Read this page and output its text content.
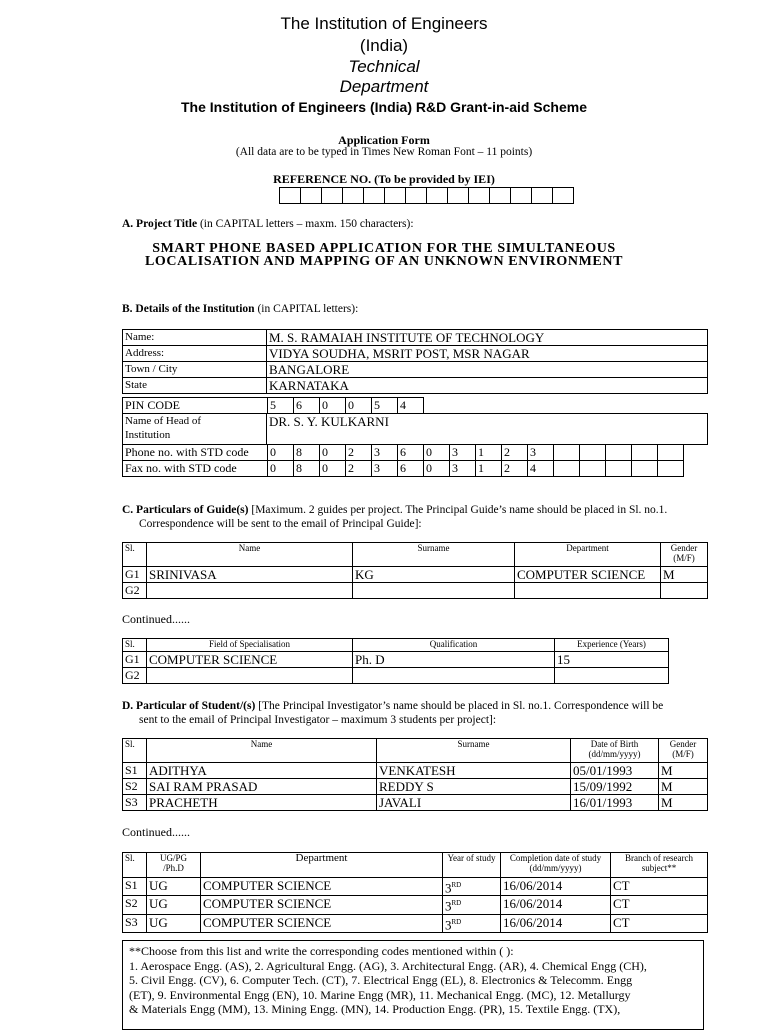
The Institution of Engineers
(India)
Technical
Department
The Institution of Engineers (India) R&D Grant-in-aid Scheme
Application Form
(All data are to be typed in Times New Roman Font – 11 points)
REFERENCE NO. (To be provided by IEI)

A. Project Title (in CAPITAL letters – maxm. 150 characters):
SMART PHONE BASED APPLICATION FOR THE SIMULTANEOUS
LOCALISATION AND MAPPING OF AN UNKNOWN ENVIRONMENT
B. Details of the Institution (in CAPITAL letters):
Name:	M. S. RAMAIAH INSTITUTE OF TECHNOLOGY
Address:	VIDYA SOUDHA, MSRIT POST, MSR NAGAR
Town / City	BANGALORE
State	KARNATAKA
PIN CODE	5	6	0	0	5	4
Name of Head of
Institution
	DR. S. Y. KULKARNI
Phone no. with STD code	0	8	0	2	3	6	0	3	1	2	3					
Fax no. with STD code	0	8	0	2	3	6	0	3	1	2	4					
C. Particulars of Guide(s) [Maximum. 2 guides per project. The Principal Guide’s name should be placed in Sl. no.1.
Correspondence will be sent to the email of Principal Guide]:
Sl.	Name	Surname	Department	Gender (M/F)
G1	SRINIVASA	KG	COMPUTER SCIENCE	M
G2				
Continued......
Sl.	Field of Specialisation	Qualification	Experience (Years)
G1	COMPUTER SCIENCE	Ph. D	15
G2			
D. Particular of Student/(s) [The Principal Investigator’s name should be placed in Sl. no.1. Correspondence will be
sent to the email of Principal Investigator – maximum 3 students per project]:
Sl.	Name	Surname	Date of Birth (dd/mm/yyyy)	Gender (M/F)
S1	ADITHYA	VENKATESH	05/01/1993	M
S2	SAI RAM PRASAD	REDDY S	15/09/1992	M
S3	PRACHETH	JAVALI	16/01/1993	M
Continued......
Sl.	UG/PG /Ph.D	Department	Year of study	Completion date of study (dd/mm/yyyy)	Branch of research subject**
S1	UG	COMPUTER SCIENCE	3RD	16/06/2014	CT
S2	UG	COMPUTER SCIENCE	3RD	16/06/2014	CT
S3	UG	COMPUTER SCIENCE	3RD	16/06/2014	CT
**Choose from this list and write the corresponding codes mentioned within ( ):
1. Aerospace Engg. (AS), 2. Agricultural Engg. (AG), 3. Architectural Engg. (AR), 4. Chemical Engg (CH),
5. Civil Engg. (CV), 6. Computer Tech. (CT), 7. Electrical Engg (EL), 8. Electronics & Telecomm. Engg
(ET), 9. Environmental Engg (EN), 10. Marine Engg (MR), 11. Mechanical Engg. (MC), 12. Metallurgy
& Materials Engg (MM), 13. Mining Engg. (MN), 14. Production Engg. (PR), 15. Textile Engg. (TX),
